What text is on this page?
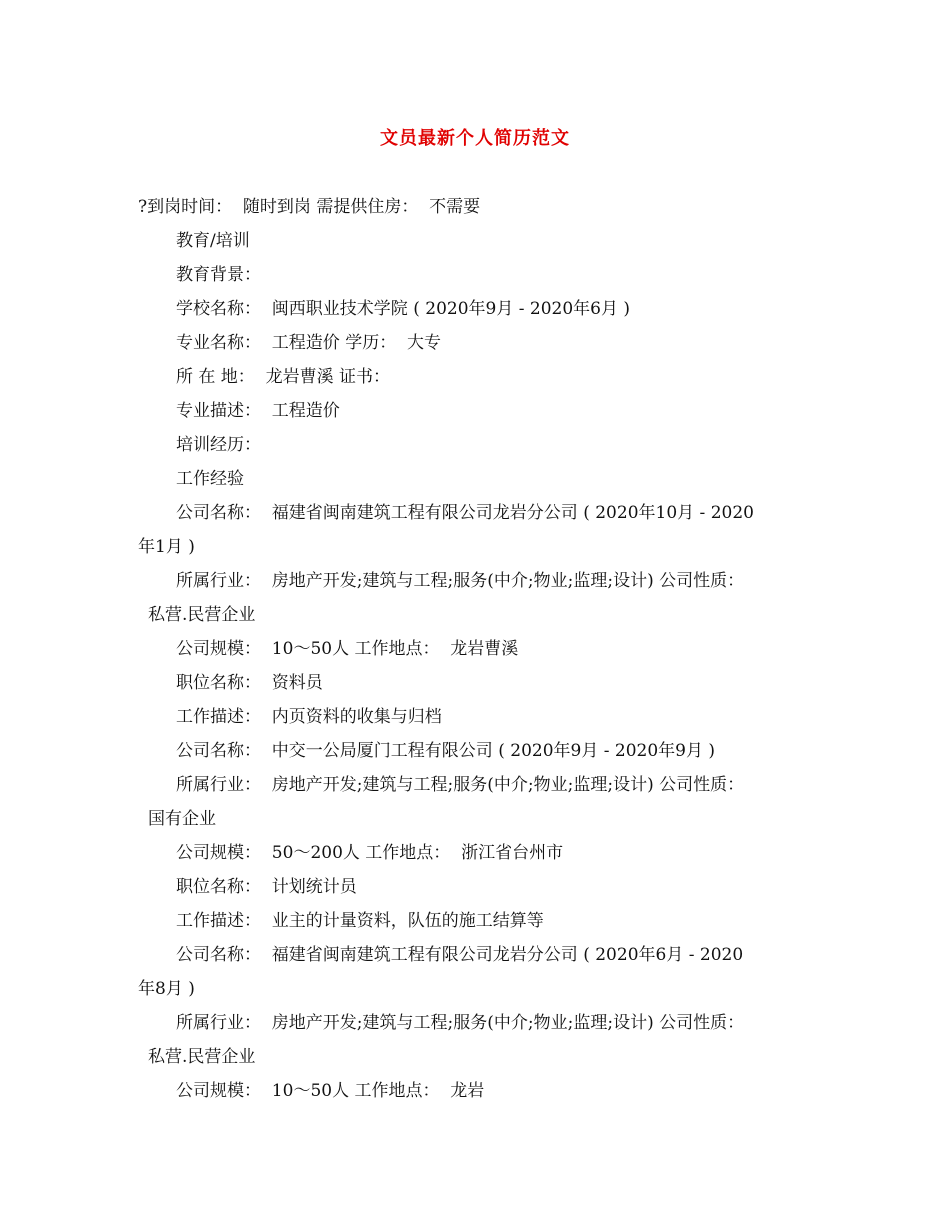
文员最新个人简历范文
?到岗时间：  随时到岗 需提供住房：  不需要
教育/培训
教育背景：
学校名称：  闽西职业技术学院 ( 2020年9月 - 2020年6月 )
专业名称：  工程造价 学历：  大专
所 在 地：  龙岩曹溪 证书：
专业描述：  工程造价
培训经历：
工作经验
公司名称：  福建省闽南建筑工程有限公司龙岩分公司 ( 2020年10月 - 2020
年1月 )
所属行业：  房地产开发;建筑与工程;服务(中介;物业;监理;设计) 公司性质：
私营.民营企业
公司规模：  10～50人 工作地点：  龙岩曹溪
职位名称：  资料员
工作描述：  内页资料的收集与归档
公司名称：  中交一公局厦门工程有限公司 ( 2020年9月 - 2020年9月 )
所属行业：  房地产开发;建筑与工程;服务(中介;物业;监理;设计) 公司性质：
国有企业
公司规模：  50～200人 工作地点：  浙江省台州市
职位名称：  计划统计员
工作描述：  业主的计量资料，队伍的施工结算等
公司名称：  福建省闽南建筑工程有限公司龙岩分公司 ( 2020年6月 - 2020
年8月 )
所属行业：  房地产开发;建筑与工程;服务(中介;物业;监理;设计) 公司性质：
私营.民营企业
公司规模：  10～50人 工作地点：  龙岩
